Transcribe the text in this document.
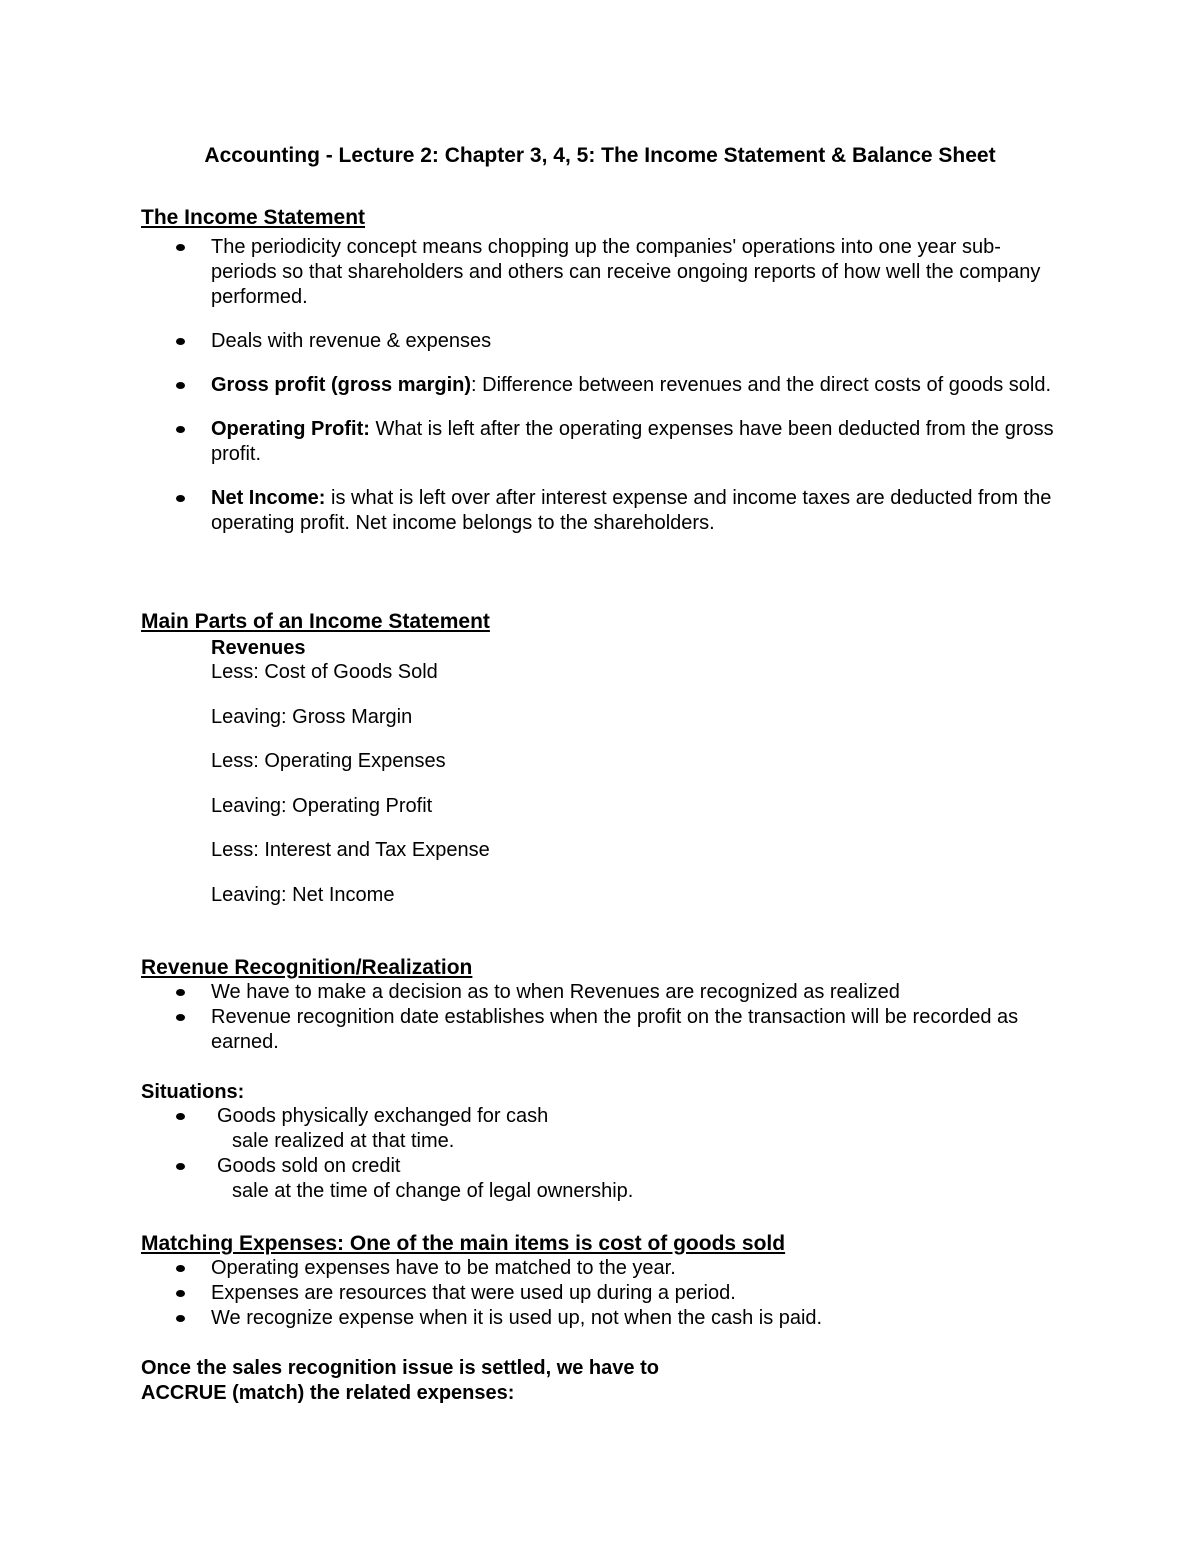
Accounting - Lecture 2: Chapter 3, 4, 5: The Income Statement & Balance Sheet
The Income Statement
The periodicity concept means chopping up the companies' operations into one year sub-periods so that shareholders and others can receive ongoing reports of how well the company performed.
Deals with revenue & expenses
Gross profit (gross margin): Difference between revenues and the direct costs of goods sold.
Operating Profit: What is left after the operating expenses have been deducted from the gross profit.
Net Income: is what is left over after interest expense and income taxes are deducted from the operating profit. Net income belongs to the shareholders.
Main Parts of an Income Statement
Revenues
Less: Cost of Goods Sold
Leaving: Gross Margin
Less: Operating Expenses
Leaving: Operating Profit
Less: Interest and Tax Expense
Leaving: Net Income
Revenue Recognition/Realization
We have to make a decision as to when Revenues are recognized as realized
Revenue recognition date establishes when the profit on the transaction will be recorded as earned.
Situations:
Goods physically exchanged for cash
sale realized at that time.
Goods sold on credit
sale at the time of change of legal ownership.
Matching Expenses: One of the main items is cost of goods sold
Operating expenses have to be matched to the year.
Expenses are resources that were used up during a period.
We recognize expense when it is used up, not when the cash is paid.
Once the sales recognition issue is settled, we have to
ACCRUE (match) the related expenses:
